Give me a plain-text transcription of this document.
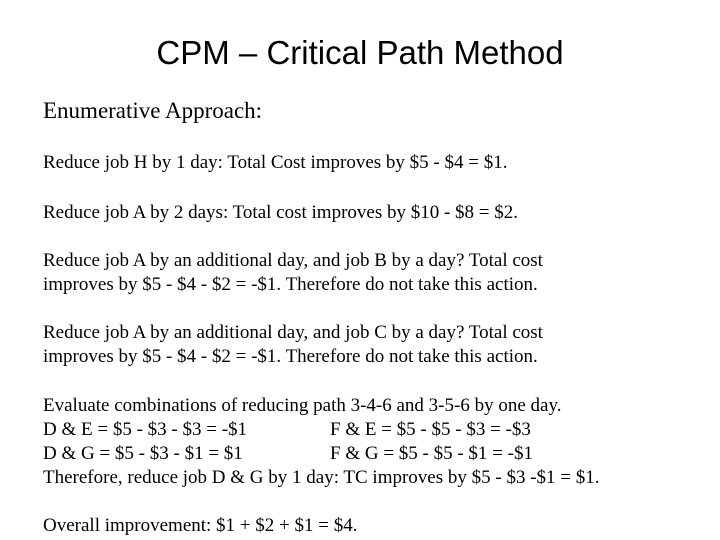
CPM – Critical Path Method
Enumerative Approach:
Reduce job H by 1 day: Total Cost improves by $5 - $4 = $1.
Reduce job A by 2 days: Total cost improves by $10 - $8 = $2.
Reduce job A by an additional day, and job B by a day? Total cost
improves by $5 - $4 - $2 = -$1. Therefore do not take this action.
Reduce job A by an additional day, and job C by a day? Total cost
improves by $5 - $4 - $2 = -$1. Therefore do not take this action.
Evaluate combinations of reducing path 3-4-6 and 3-5-6 by one day.
D & E = $5 - $3 - $3 = -$1	F & E = $5 - $5 - $3 = -$3
D & G = $5 - $3 - $1 = $1	F & G = $5 - $5 - $1 = -$1
Therefore, reduce job D & G by 1 day: TC improves by $5 - $3 -$1 = $1.
Overall improvement: $1 + $2 + $1 = $4.
